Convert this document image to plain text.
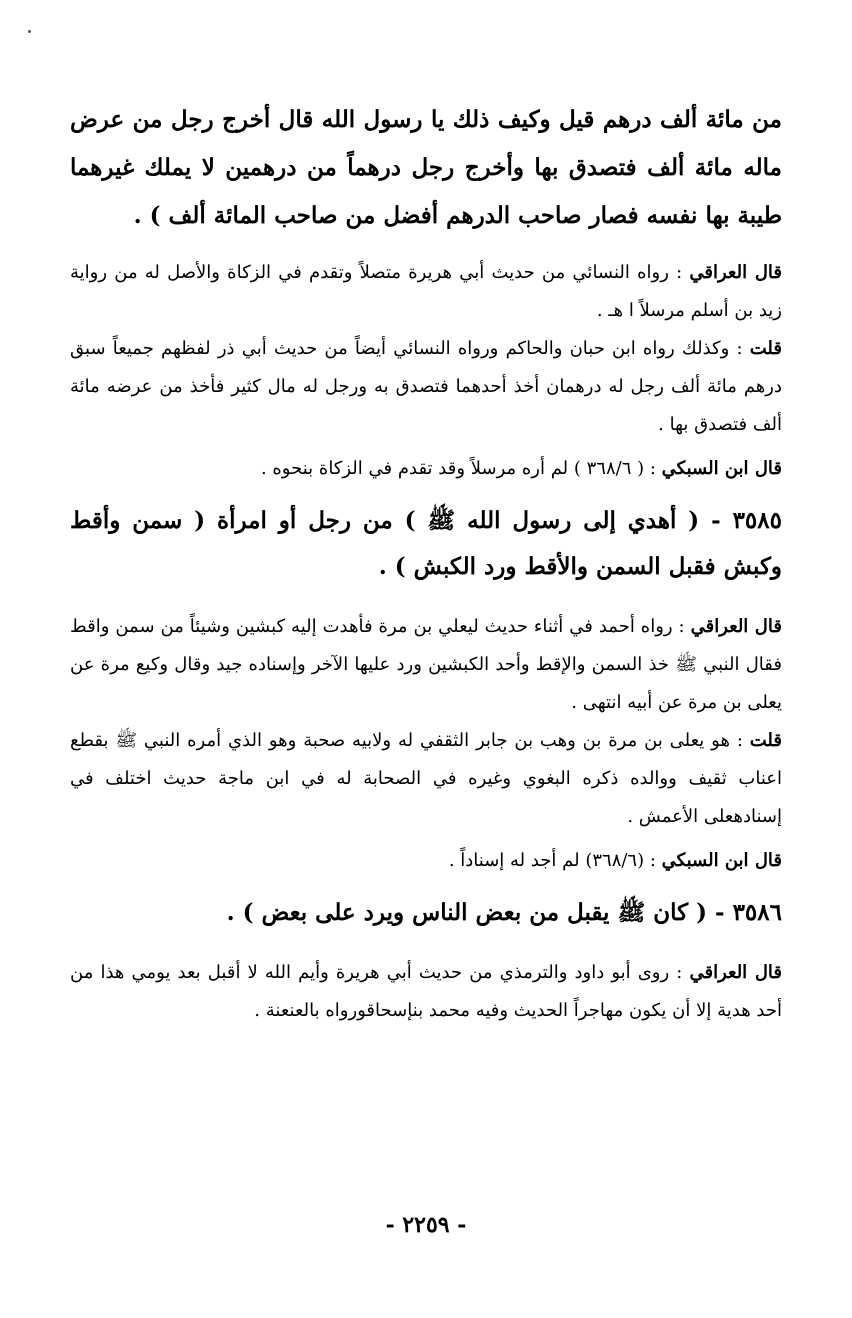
من مائة ألف درهم قيل وكيف ذلك يا رسول الله قال أخرج رجل من عرض ماله مائة ألف فتصدق بها وأخرج رجل درهماً من درهمين لا يملك غيرهما طيبة بها نفسه فصار صاحب الدرهم أفضل من صاحب المائة ألف ) .

قال العراقي : رواه النسائي من حديث أبي هريرة متصلاً وتقدم في الزكاة والأصل له من رواية زيد بن أسلم مرسلاً ا هـ .

قلت : وكذلك رواه ابن حبان والحاكم ورواه النسائي أيضاً من حديث أبي ذر لفظهم جميعاً سبق درهم مائة ألف رجل له درهمان أخذ أحدهما فتصدق به ورجل له مال كثير فأخذ من عرضه مائة ألف فتصدق بها .

قال ابن السبكي : ( ٣٦٨/٦ ) لم أره مرسلاً وقد تقدم في الزكاة بنحوه .

٣٥٨٥ - ( أهدي إلى رسول الله ﷺ ) من رجل أو امرأة ( سمن وأقط وكبش فقبل السمن والأقط ورد الكبش ) .

قال العراقي : رواه أحمد في أثناء حديث ليعلي بن مرة فأهدت إليه كبشين وشيئاً من سمن واقط فقال النبي ﷺ خذ السمن والإقط وأحد الكبشين ورد عليها الآخر وإسناده جيد وقال وكيع مرة عن يعلى بن مرة عن أبيه انتهى .

قلت : هو يعلى بن مرة بن وهب بن جابر الثقفي له ولابيه صحبة وهو الذي أمره النبي ﷺ بقطع اعناب ثقيف ووالده ذكره البغوي وغيره في الصحابة له في ابن ماجة حديث اختلف في إسنادهعلى الأعمش .

قال ابن السبكي : (٣٦٨/٦) لم أجد له إسناداً .

٣٥٨٦ - ( كان ﷺ يقبل من بعض الناس ويرد على بعض ) .

قال العراقي : روى أبو داود والترمذي من حديث أبي هريرة وأيم الله لا أقبل بعد يومي هذا من أحد هدية إلا أن يكون مهاجراً الحديث وفيه محمد بنإسحاقورواه بالعنعنة .

- ٢٢٥٩ -
